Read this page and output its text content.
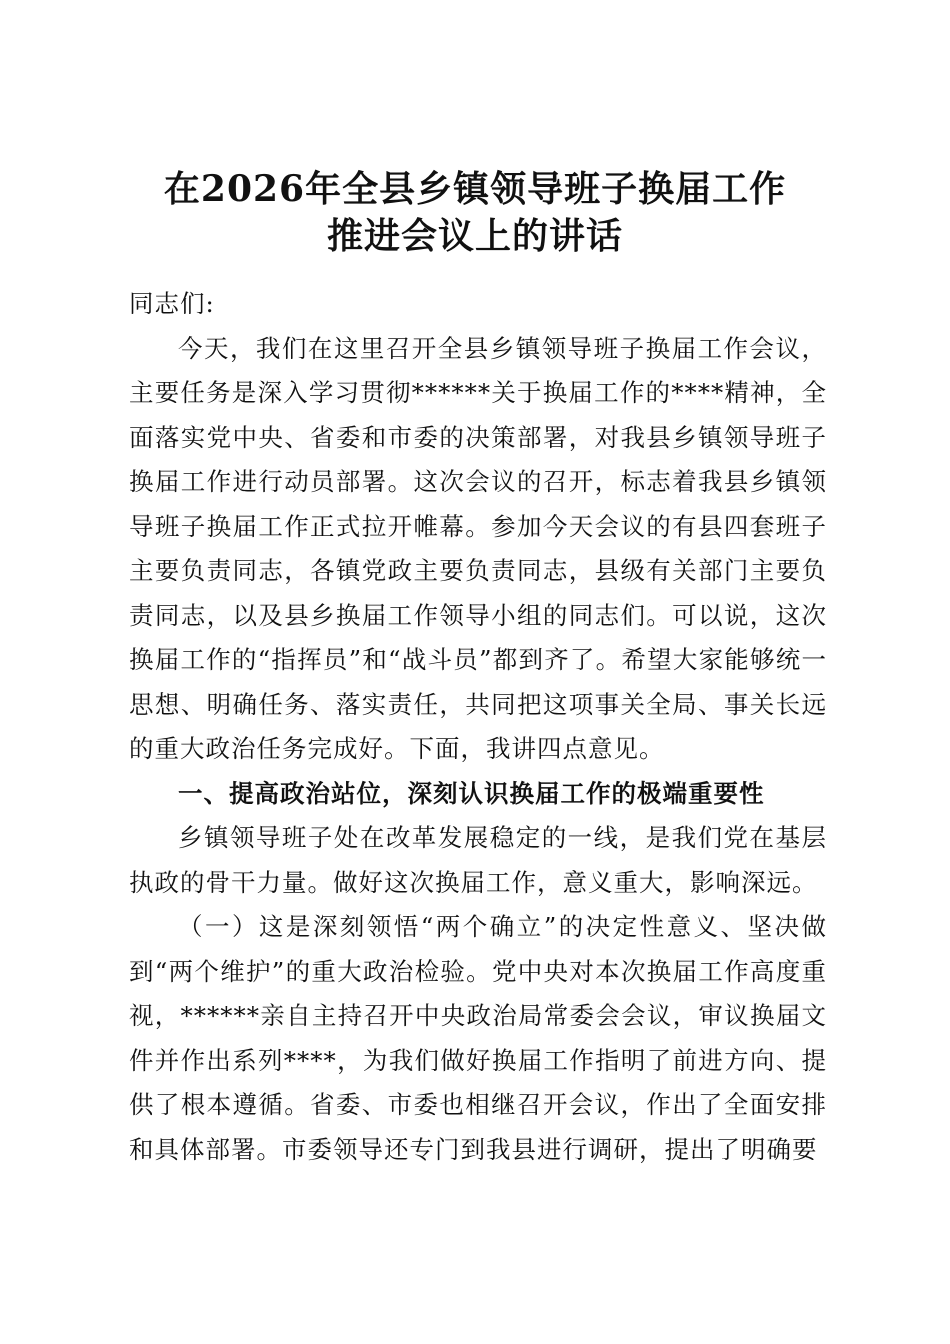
在2026年全县乡镇领导班子换届工作
推进会议上的讲话

同志们:

今天，我们在这里召开全县乡镇领导班子换届工作会议，主要任务是深入学习贯彻******关于换届工作的****精神，全面落实党中央、省委和市委的决策部署，对我县乡镇领导班子换届工作进行动员部署。这次会议的召开，标志着我县乡镇领导班子换届工作正式拉开帷幕。参加今天会议的有县四套班子主要负责同志，各镇党政主要负责同志，县级有关部门主要负责同志，以及县乡换届工作领导小组的同志们。可以说，这次换届工作的“指挥员”和“战斗员”都到齐了。希望大家能够统一思想、明确任务、落实责任，共同把这项事关全局、事关长远的重大政治任务完成好。下面，我讲四点意见。

一、提高政治站位，深刻认识换届工作的极端重要性

乡镇领导班子处在改革发展稳定的一线，是我们党在基层执政的骨干力量。做好这次换届工作，意义重大，影响深远。

（一）这是深刻领悟“两个确立”的决定性意义、坚决做到“两个维护”的重大政治检验。党中央对本次换届工作高度重视，******亲自主持召开中央政治局常委会会议，审议换届文件并作出系列****，为我们做好换届工作指明了前进方向、提供了根本遵循。省委、市委也相继召开会议，作出了全面安排和具体部署。市委领导还专门到我县进行调研，提出了明确要
